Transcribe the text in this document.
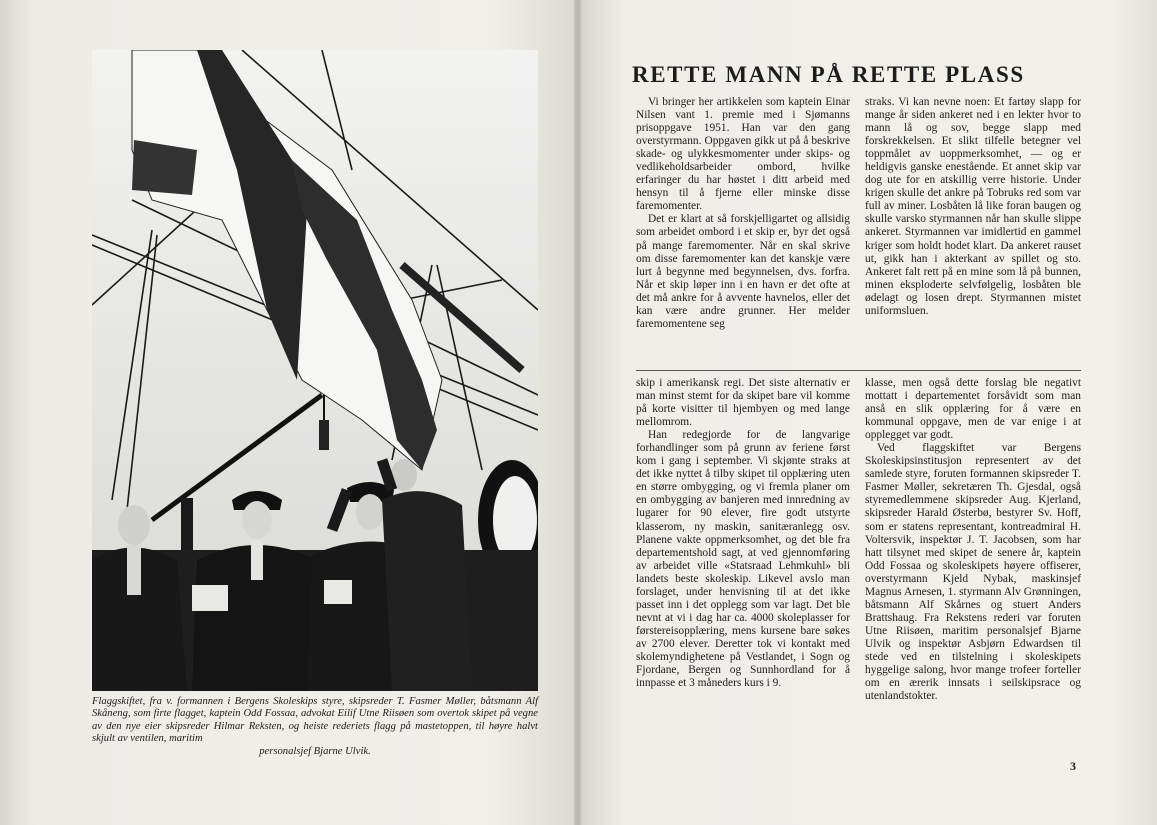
Flaggskiftet, fra v. formannen i Bergens Skoleskips styre, skipsreder T. Fasmer Møller, båtsmann Alf Skåneng, som firte flagget, kaptein Odd Fossaa, advokat Eilif Utne Riisøen som overtok skipet på vegne av den nye eier skipsreder Hilmar Reksten, og heiste rederiets flagg på mastetoppen, til høyre halvt skjult av ventilen, maritim
personalsjef Bjarne Ulvik.
RETTE MANN PÅ RETTE PLASS

Vi bringer her artikkelen som kaptein Einar Nilsen vant 1. premie med i Sjømanns prisoppgave 1951. Han var den gang overstyrmann. Oppgaven gikk ut på å beskrive skade- og ulykkesmomenter under skips- og vedlikeholdsarbeider ombord, hvilke erfaringer du har høstet i ditt arbeid med hensyn til å fjerne eller minske disse faremomenter.

Det er klart at så forskjelligartet og allsidig som arbeidet ombord i et skip er, byr det også på mange faremomenter. Når en skal skrive om disse faremomenter kan det kanskje være lurt å begynne med begynnelsen, dvs. forfra. Når et skip løper inn i en havn er det ofte at det må ankre for å avvente havnelos, eller det kan være andre grunner. Her melder faremomentene seg

straks. Vi kan nevne noen: Et fartøy slapp for mange år siden ankeret ned i en lekter hvor to mann lå og sov, begge slapp med forskrekkelsen. Et slikt tilfelle betegner vel toppmålet av uoppmerksomhet, — og er heldigvis ganske enestående. Et annet skip var dog ute for en atskillig verre historie. Under krigen skulle det ankre på Tobruks red som var full av miner. Losbåten lå like foran baugen og skulle varsko styrmannen når han skulle slippe ankeret. Styrmannen var imidlertid en gammel kriger som holdt hodet klart. Da ankeret rauset ut, gikk han i akterkant av spillet og sto. Ankeret falt rett på en mine som lå på bunnen, minen eksploderte selvfølgelig, losbåten ble ødelagt og losen drept. Styrmannen mistet uniformsluen.

skip i amerikansk regi. Det siste alternativ er man minst stemt for da skipet bare vil komme på korte visitter til hjembyen og med lange mellomrom.

Han redegjorde for de langvarige forhandlinger som på grunn av feriene først kom i gang i september. Vi skjønte straks at det ikke nyttet å tilby skipet til opplæring uten en større ombygging, og vi fremla planer om en ombygging av banjeren med innredning av lugarer for 90 elever, fire godt utstyrte klasserom, ny maskin, sanitæranlegg osv. Planene vakte oppmerksomhet, og det ble fra departementshold sagt, at ved gjennomføring av arbeidet ville «Statsraad Lehmkuhl» bli landets beste skoleskip. Likevel avslo man forslaget, under henvisning til at det ikke passet inn i det opplegg som var lagt. Det ble nevnt at vi i dag har ca. 4000 skoleplasser for førstereisopplæring, mens kursene bare søkes av 2700 elever. Deretter tok vi kontakt med skolemyndighetene på Vestlandet, i Sogn og Fjordane, Bergen og Sunnhordland for å innpasse et 3 måneders kurs i 9.

klasse, men også dette forslag ble negativt mottatt i departementet forsåvidt som man anså en slik opplæring for å være en kommunal oppgave, men de var enige i at opplegget var godt.

Ved flaggskiftet var Bergens Skoleskipsinstitusjon representert av det samlede styre, foruten formannen skipsreder T. Fasmer Møller, sekretæren Th. Gjesdal, også styremedlemmene skipsreder Aug. Kjerland, skipsreder Harald Østerbø, bestyrer Sv. Hoff, som er statens representant, kontreadmiral H. Voltersvik, inspektør J. T. Jacobsen, som har hatt tilsynet med skipet de senere år, kaptein Odd Fossaa og skoleskipets høyere offiserer, overstyrmann Kjeld Nybak, maskinsjef Magnus Arnesen, 1. styrmann Alv Grønningen, båtsmann Alf Skårnes og stuert Anders Brattshaug. Fra Rekstens rederi var foruten Utne Riisøen, maritim personalsjef Bjarne Ulvik og inspektør Asbjørn Edwardsen til stede ved en tilstelning i skoleskipets hyggelige salong, hvor mange trofeer forteller om en ærerik innsats i seilskipsrace og utenlandstokter.

3
